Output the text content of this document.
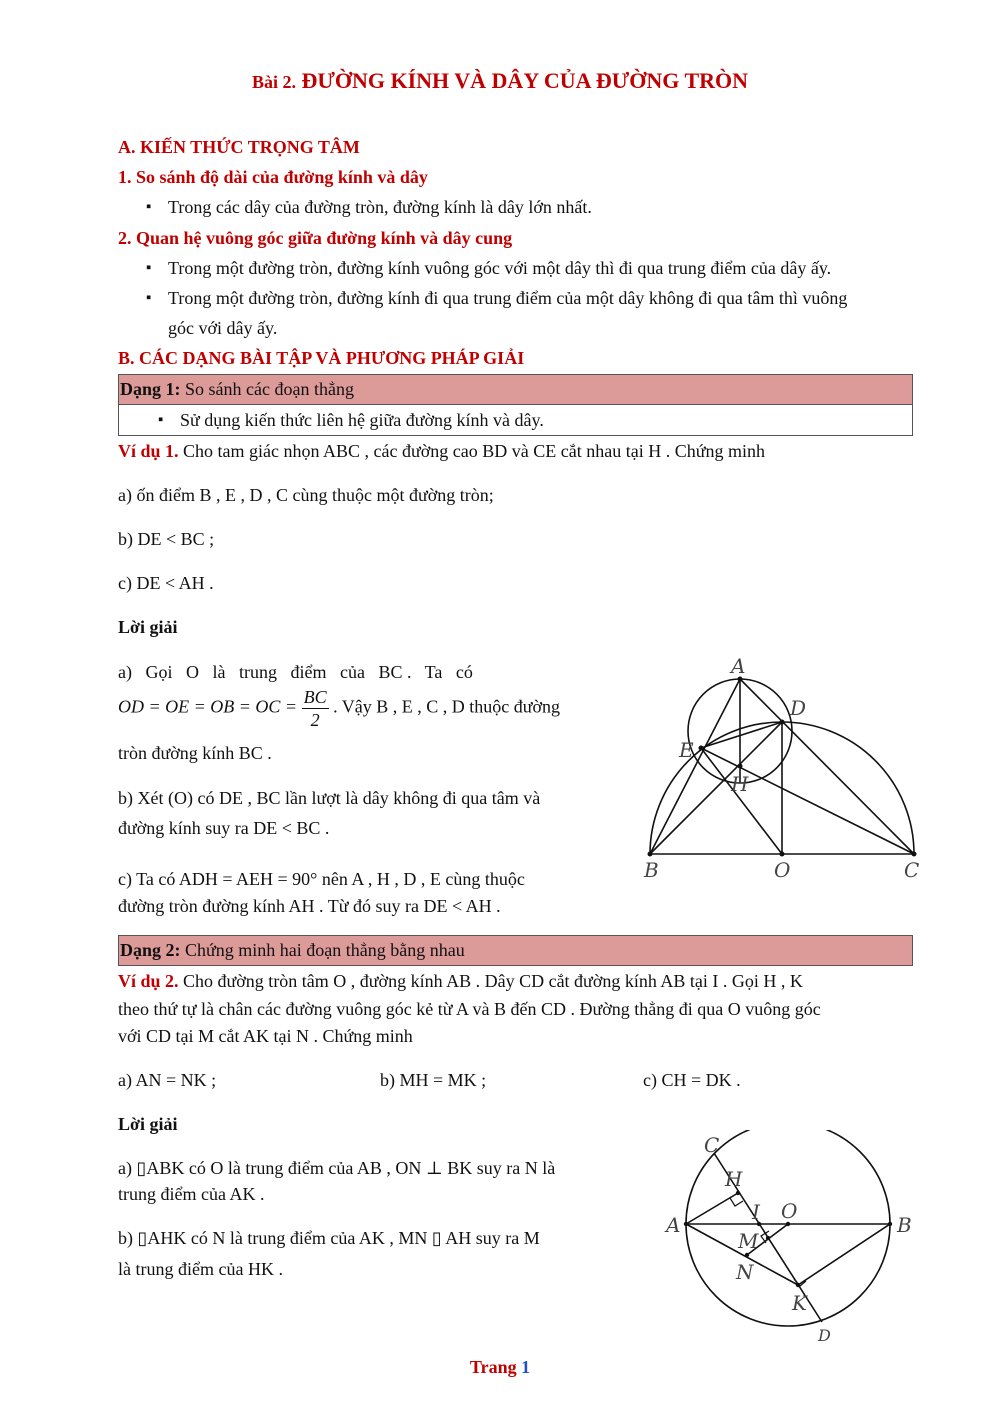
Bài 2. ĐƯỜNG KÍNH VÀ DÂY CỦA ĐƯỜNG TRÒN
A. KIẾN THỨC TRỌNG TÂM
1. So sánh độ dài của đường kính và dây
▪ Trong các dây của đường tròn, đường kính là dây lớn nhất.
2. Quan hệ vuông góc giữa đường kính và dây cung
▪ Trong một đường tròn, đường kính vuông góc với một dây thì đi qua trung điểm của dây ấy.
▪ Trong một đường tròn, đường kính đi qua trung điểm của một dây không đi qua tâm thì vuông
góc với dây ấy.
B. CÁC DẠNG BÀI TẬP VÀ PHƯƠNG PHÁP GIẢI
Dạng 1: So sánh các đoạn thẳng
▪ Sử dụng kiến thức liên hệ giữa đường kính và dây.
Ví dụ 1. Cho tam giác nhọn ABC , các đường cao BD và CE cắt nhau tại H . Chứng minh
a) ốn điểm B , E , D , C cùng thuộc một đường tròn;
b) DE < BC ;
c) DE < AH .
Lời giải
a)   Gọi   O   là   trung   điểm   của   BC .   Ta   có
OD = OE = OB = OC = $\frac{BC}{2}$ . Vậy B , E , C , D thuộc đường
tròn đường kính BC .
b) Xét (O) có DE , BC lần lượt là dây không đi qua tâm và
đường kính suy ra DE < BC .
c) Ta có ADH = AEH = 90° nên A , H , D , E cùng thuộc
đường tròn đường kính AH . Từ đó suy ra DE < AH .
A
D
E
H
B	O	C
Dạng 2: Chứng minh hai đoạn thẳng bằng nhau
Ví dụ 2. Cho đường tròn tâm O , đường kính AB . Dây CD cắt đường kính AB tại I . Gọi H , K
theo thứ tự là chân các đường vuông góc kẻ từ A và B đến CD . Đường thẳng đi qua O vuông góc
với CD tại M cắt AK tại N . Chứng minh
a) AN = NK ;	b) MH = MK ;	c) CH = DK .
Lời giải
a) ▯ABK có O là trung điểm của AB , ON ⊥ BK suy ra N là
trung điểm của AK .
b) ▯AHK có N là trung điểm của AK , MN ▯ AH suy ra M
là trung điểm của HK .
C
H
A
I O
B
M
N
K
D
Trang 1
